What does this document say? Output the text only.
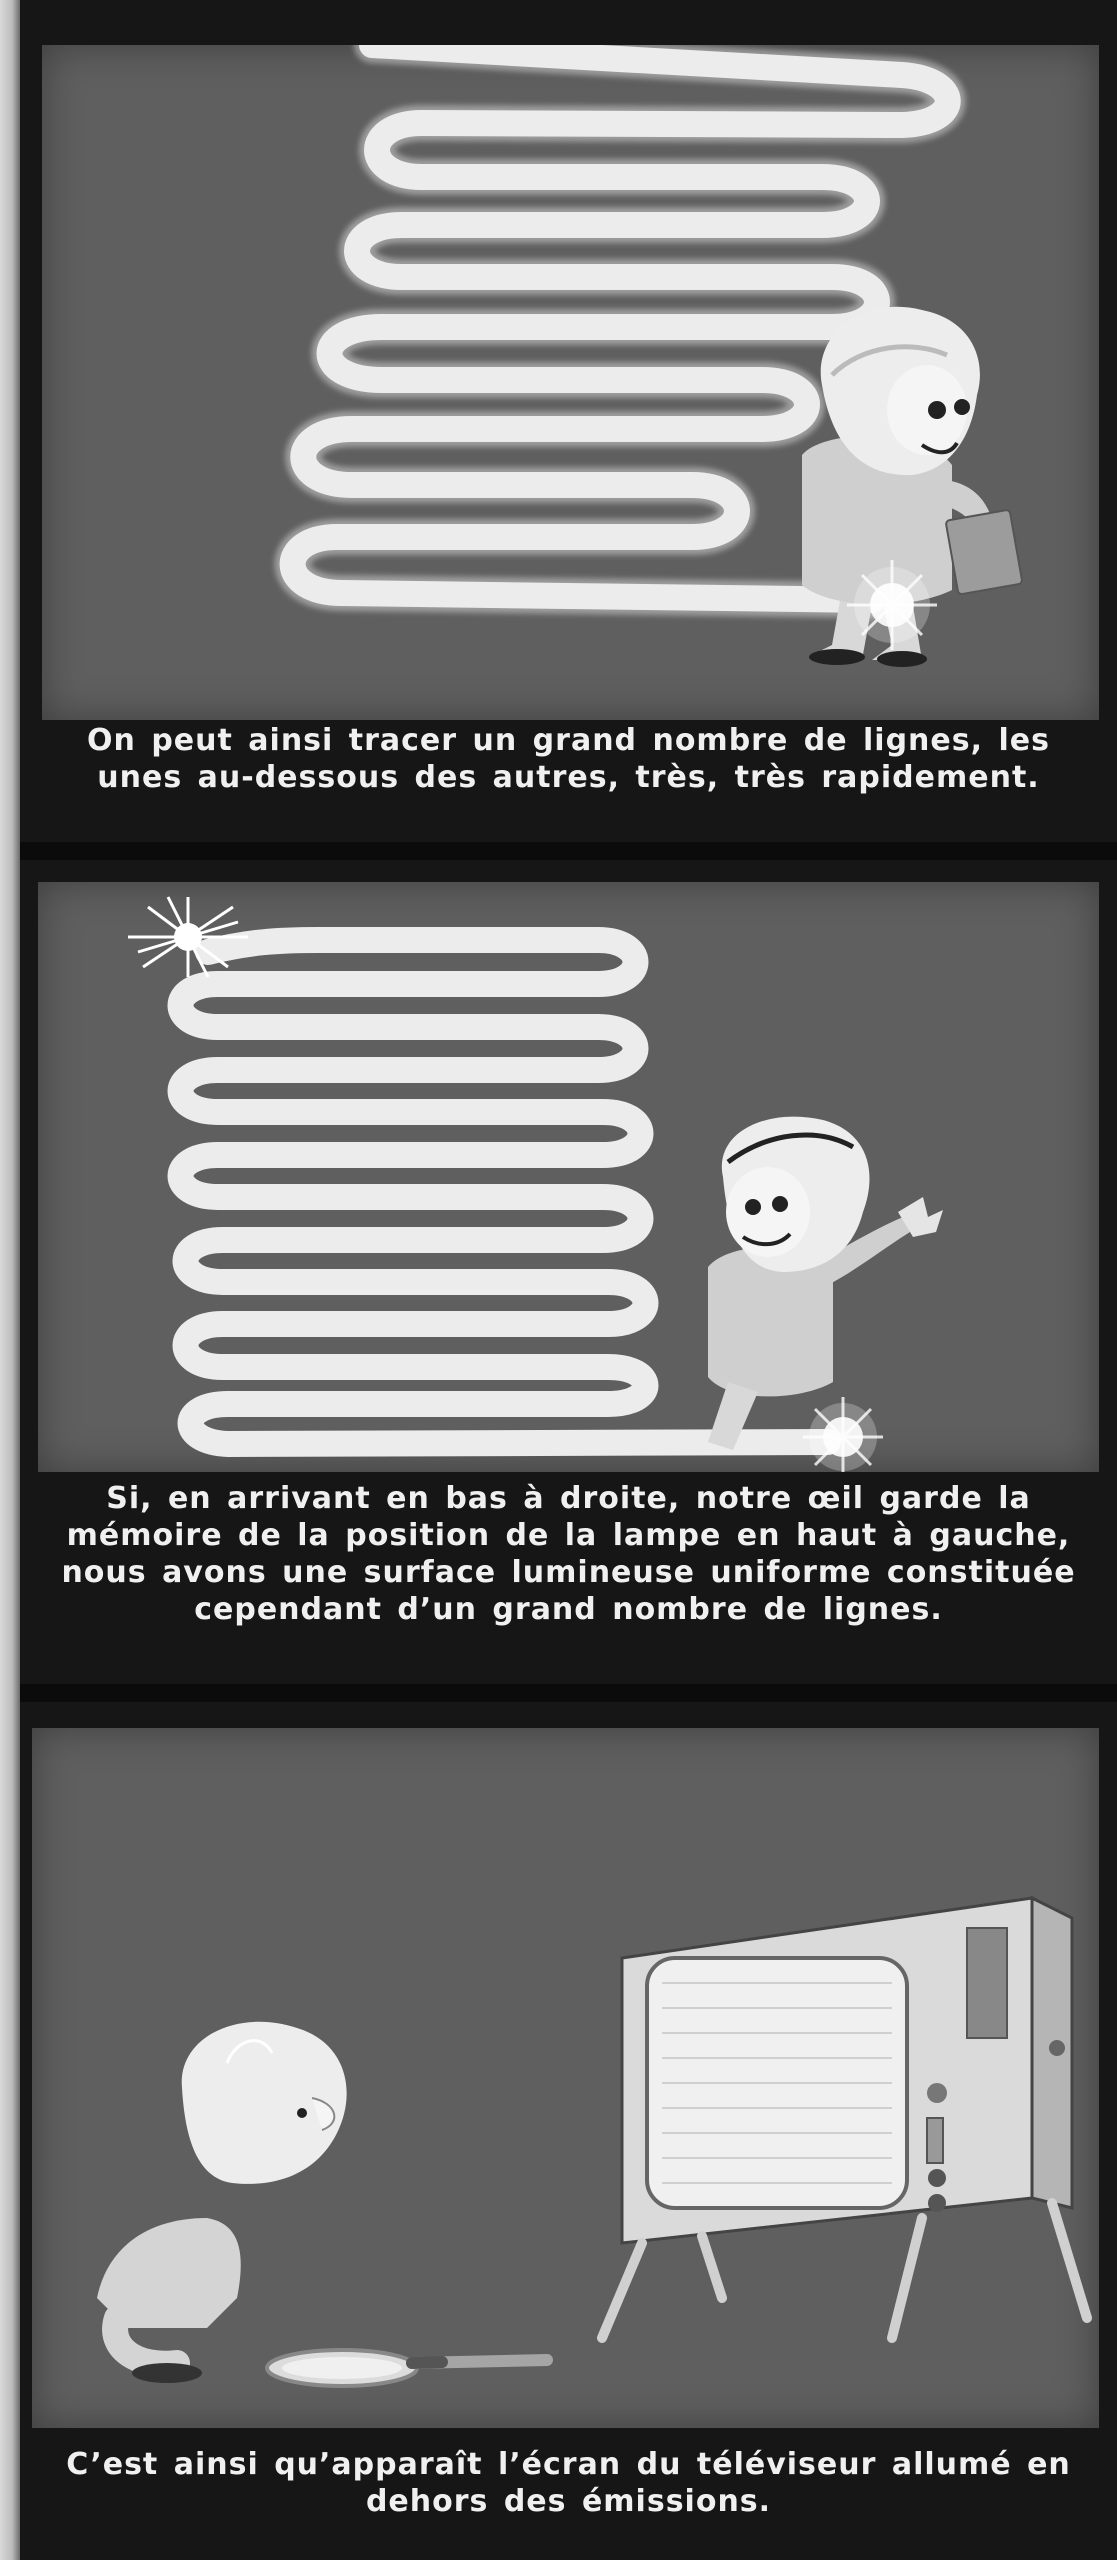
On peut ainsi tracer un grand nombre de lignes, les
unes au-dessous des autres, très, très rapidement.
Si, en arrivant en bas à droite, notre œil garde la
mémoire de la position de la lampe en haut à gauche,
nous avons une surface lumineuse uniforme constituée
cependant d’un grand nombre de lignes.
C’est ainsi qu’apparaît l’écran du téléviseur allumé en
dehors des émissions.
